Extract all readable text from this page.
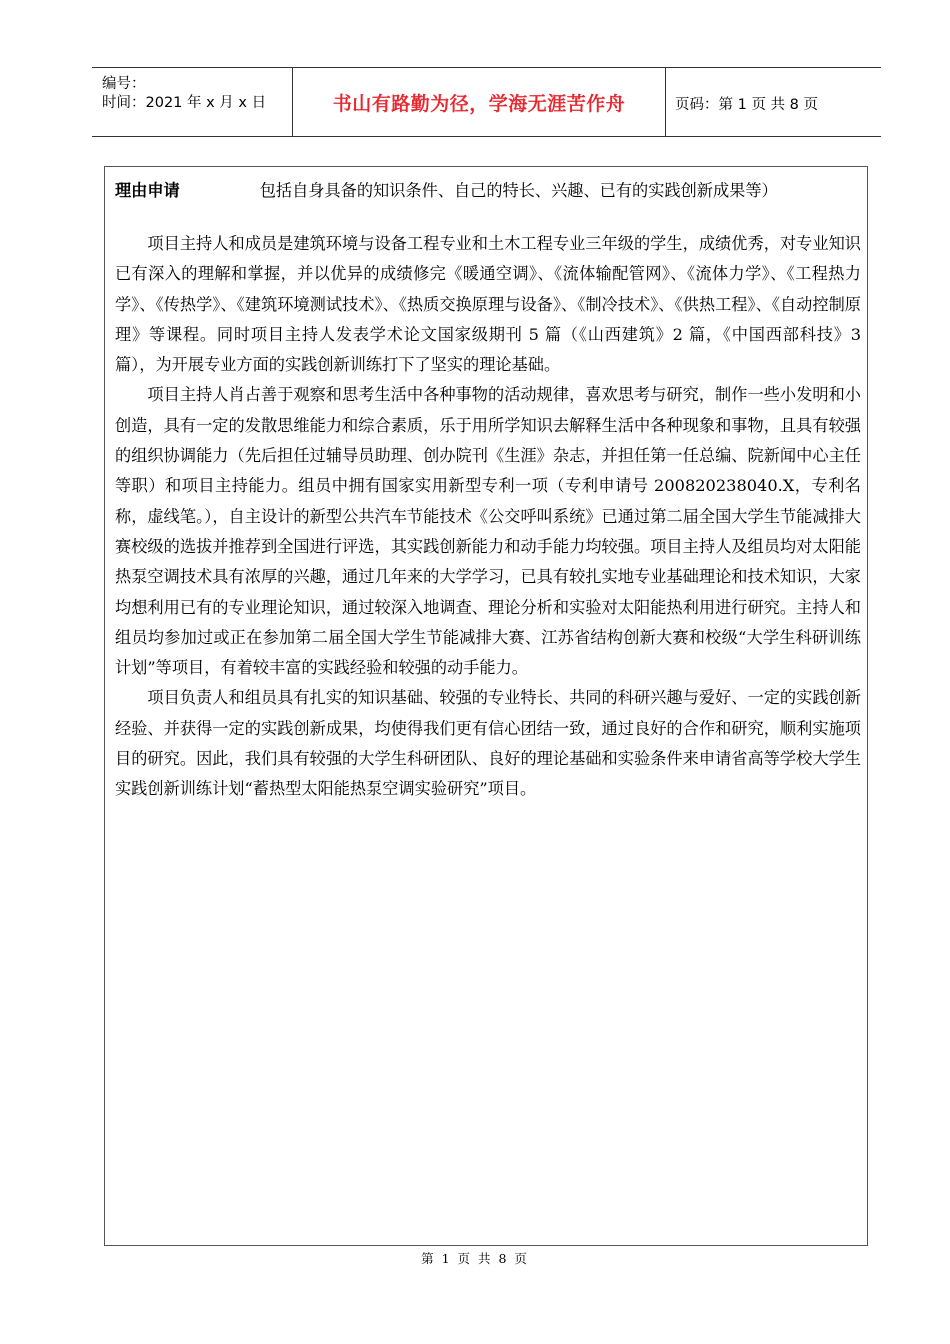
编号：
时间：2021 年 x 月 x 日	书山有路勤为径，学海无涯苦作舟	页码：第 1 页 共 8 页

理由申请	包括自身具备的知识条件、自己的特长、兴趣、已有的实践创新成果等）

项目主持人和成员是建筑环境与设备工程专业和土木工程专业三年级的学生，成绩优秀，对专业知识已有深入的理解和掌握，并以优异的成绩修完《暖通空调》、《流体输配管网》、《流体力学》、《工程热力学》、《传热学》、《建筑环境测试技术》、《热质交换原理与设备》、《制冷技术》、《供热工程》、《自动控制原理》等课程。同时项目主持人发表学术论文国家级期刊 5 篇（《山西建筑》2 篇，《中国西部科技》3 篇），为开展专业方面的实践创新训练打下了坚实的理论基础。

项目主持人肖占善于观察和思考生活中各种事物的活动规律，喜欢思考与研究，制作一些小发明和小创造，具有一定的发散思维能力和综合素质，乐于用所学知识去解释生活中各种现象和事物，且具有较强的组织协调能力（先后担任过辅导员助理、创办院刊《生涯》杂志，并担任第一任总编、院新闻中心主任等职）和项目主持能力。组员中拥有国家实用新型专利一项（专利申请号 200820238040.X，专利名称，虚线笔。），自主设计的新型公共汽车节能技术《公交呼叫系统》已通过第二届全国大学生节能减排大赛校级的选拔并推荐到全国进行评选，其实践创新能力和动手能力均较强。项目主持人及组员均对太阳能热泵空调技术具有浓厚的兴趣，通过几年来的大学学习，已具有较扎实地专业基础理论和技术知识，大家均想利用已有的专业理论知识，通过较深入地调查、理论分析和实验对太阳能热利用进行研究。主持人和组员均参加过或正在参加第二届全国大学生节能减排大赛、江苏省结构创新大赛和校级“大学生科研训练计划”等项目，有着较丰富的实践经验和较强的动手能力。

项目负责人和组员具有扎实的知识基础、较强的专业特长、共同的科研兴趣与爱好、一定的实践创新经验、并获得一定的实践创新成果，均使得我们更有信心团结一致，通过良好的合作和研究，顺利实施项目的研究。因此，我们具有较强的大学生科研团队、良好的理论基础和实验条件来申请省高等学校大学生实践创新训练计划“蓄热型太阳能热泵空调实验研究”项目。

第 1 页 共 8 页
